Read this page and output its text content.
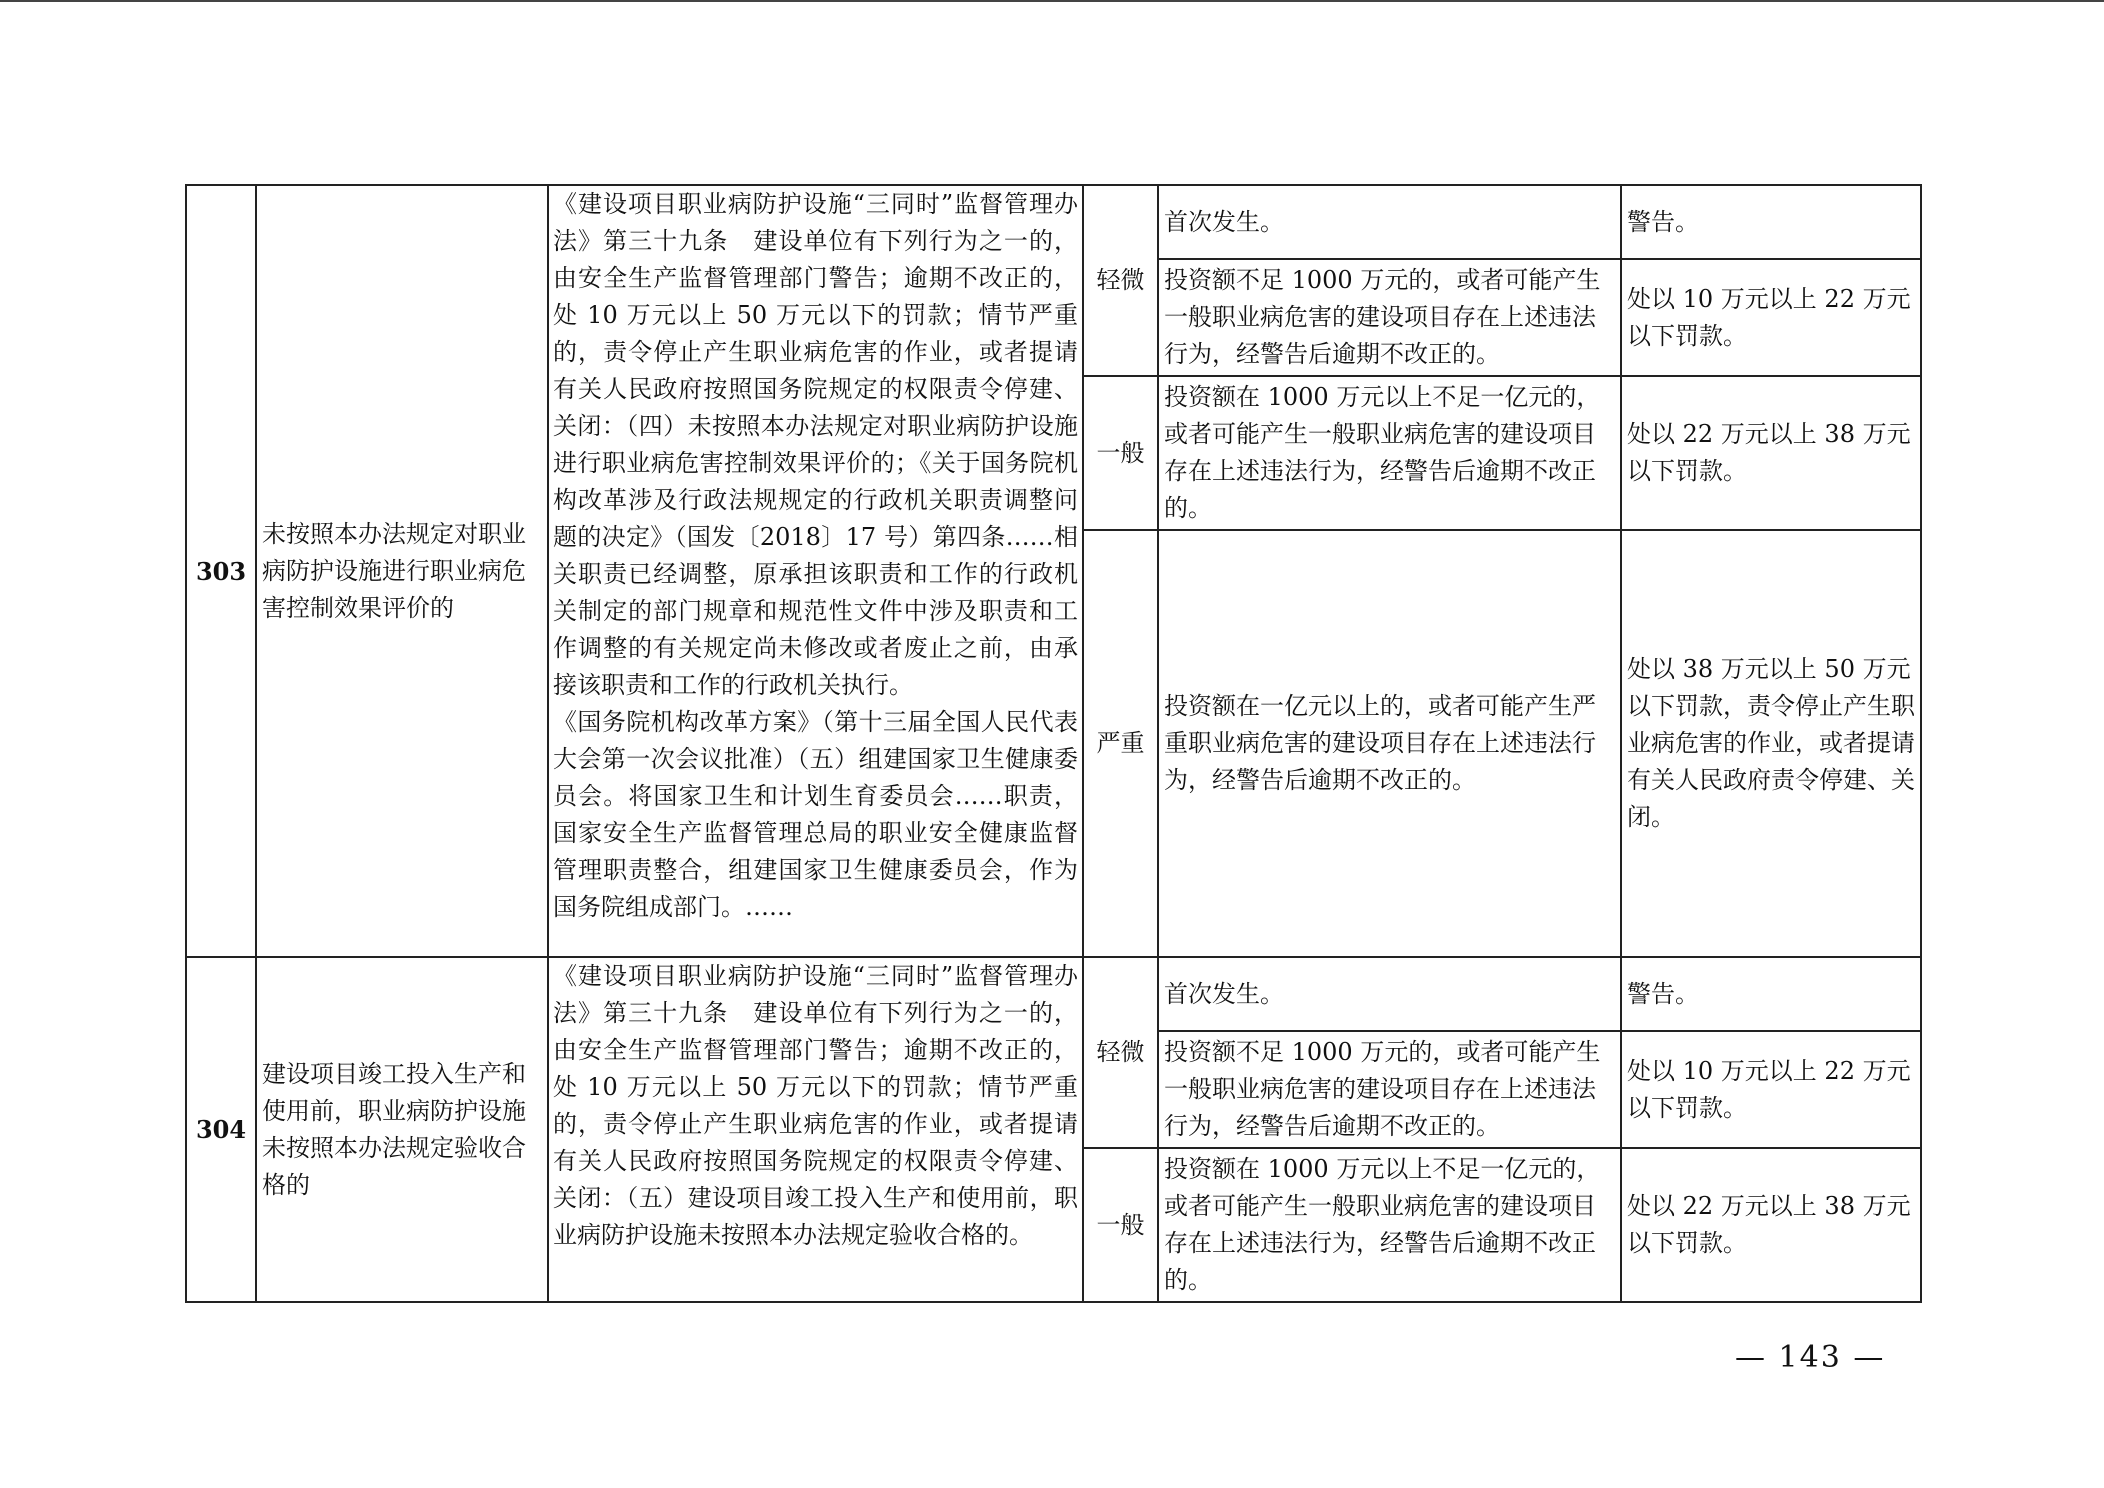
303	未按照本办法规定对职业病防护设施进行职业病危害控制效果评价的	《建设项目职业病防护设施“三同时”监督管理办法》第三十九条　建设单位有下列行为之一的，由安全生产监督管理部门警告；逾期不改正的，处 10 万元以上 50 万元以下的罚款；情节严重的，责令停止产生职业病危害的作业，或者提请有关人民政府按照国务院规定的权限责令停建、关闭：（四）未按照本办法规定对职业病防护设施进行职业病危害控制效果评价的；《关于国务院机构改革涉及行政法规规定的行政机关职责调整问题的决定》（国发〔2018〕17 号）第四条……相关职责已经调整，原承担该职责和工作的行政机关制定的部门规章和规范性文件中涉及职责和工作调整的有关规定尚未修改或者废止之前，由承接该职责和工作的行政机关执行。
《国务院机构改革方案》（第十三届全国人民代表大会第一次会议批准）（五）组建国家卫生健康委员会。将国家卫生和计划生育委员会……职责，国家安全生产监督管理总局的职业安全健康监督管理职责整合，组建国家卫生健康委员会，作为国务院组成部门。……	轻微	首次发生。	警告。
				投资额不足 1000 万元的，或者可能产生一般职业病危害的建设项目存在上述违法行为，经警告后逾期不改正的。	处以 10 万元以上 22 万元以下罚款。
			一般	投资额在 1000 万元以上不足一亿元的，或者可能产生一般职业病危害的建设项目存在上述违法行为，经警告后逾期不改正的。	处以 22 万元以上 38 万元以下罚款。
			严重	投资额在一亿元以上的，或者可能产生严重职业病危害的建设项目存在上述违法行为，经警告后逾期不改正的。	处以 38 万元以上 50 万元以下罚款，责令停止产生职业病危害的作业，或者提请有关人民政府责令停建、关闭。

304	建设项目竣工投入生产和使用前，职业病防护设施未按照本办法规定验收合格的	《建设项目职业病防护设施“三同时”监督管理办法》第三十九条　建设单位有下列行为之一的，由安全生产监督管理部门警告；逾期不改正的，处 10 万元以上 50 万元以下的罚款；情节严重的，责令停止产生职业病危害的作业，或者提请有关人民政府按照国务院规定的权限责令停建、关闭：（五）建设项目竣工投入生产和使用前，职业病防护设施未按照本办法规定验收合格的。	轻微	首次发生。	警告。
				投资额不足 1000 万元的，或者可能产生一般职业病危害的建设项目存在上述违法行为，经警告后逾期不改正的。	处以 10 万元以上 22 万元以下罚款。
			一般	投资额在 1000 万元以上不足一亿元的，或者可能产生一般职业病危害的建设项目存在上述违法行为，经警告后逾期不改正的。	处以 22 万元以上 38 万元以下罚款。
— 143 —
